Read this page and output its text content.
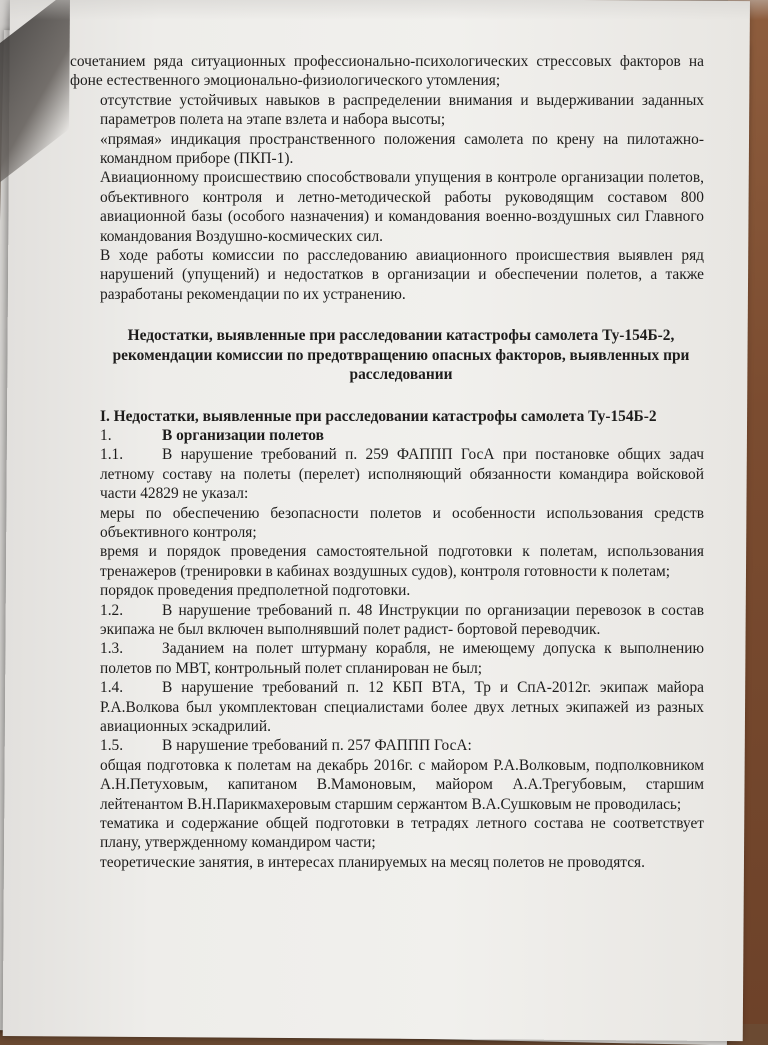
сочетанием ряда ситуационных профессионально-психологических стрессовых факторов на фоне естественного эмоционально-физиологического утомления;

отсутствие устойчивых навыков в распределении внимания и выдерживании заданных параметров полета на этапе взлета и набора высоты;

«прямая» индикация пространственного положения самолета по крену на пилотажно-командном приборе (ПКП-1).

Авиационному происшествию способствовали упущения в контроле организации полетов, объективного контроля и летно-методической работы руководящим составом 800 авиационной базы (особого назначения) и командования военно-воздушных сил Главного командования Воздушно-космических сил.

В ходе работы комиссии по расследованию авиационного происшествия выявлен ряд нарушений (упущений) и недостатков в организации и обеспечении полетов, а также разработаны рекомендации по их устранению.

Недостатки, выявленные при расследовании катастрофы самолета Ту-154Б-2, рекомендации комиссии по предотвращению опасных факторов, выявленных при расследовании

I. Недостатки, выявленные при расследовании катастрофы самолета Ту-154Б-2

1.	В организации полетов

1.1.	В нарушение требований п. 259 ФАППП ГосА при постановке общих задач летному составу на полеты (перелет) исполняющий обязанности командира войсковой части 42829 не указал:

меры по обеспечению безопасности полетов и особенности использования средств объективного контроля;

время и порядок проведения самостоятельной подготовки к полетам, использования тренажеров (тренировки в кабинах воздушных судов), контроля готовности к полетам;

порядок проведения предполетной подготовки.

1.2.	В нарушение требований п. 48 Инструкции по организации перевозок в состав экипажа не был включен выполнявший полет радист- бортовой переводчик.

1.3.	Заданием на полет штурману корабля, не имеющему допуска к выполнению полетов по МВТ, контрольный полет спланирован не был;

1.4.	В нарушение требований п. 12 КБП ВТА, Тр и СпА-2012г. экипаж майора Р.А.Волкова был укомплектован специалистами более двух летных экипажей из разных авиационных эскадрилий.

1.5.	В нарушение требований п. 257 ФАППП ГосА:

общая подготовка к полетам на декабрь 2016г. с майором Р.А.Волковым, подполковником А.Н.Петуховым, капитаном В.Мамоновым, майором А.А.Трегубовым, старшим лейтенантом В.Н.Парикмахеровым старшим сержантом В.А.Сушковым не проводилась;

тематика и содержание общей подготовки в тетрадях летного состава не соответствует плану, утвержденному командиром части;

теоретические занятия, в интересах планируемых на месяц полетов не проводятся.
